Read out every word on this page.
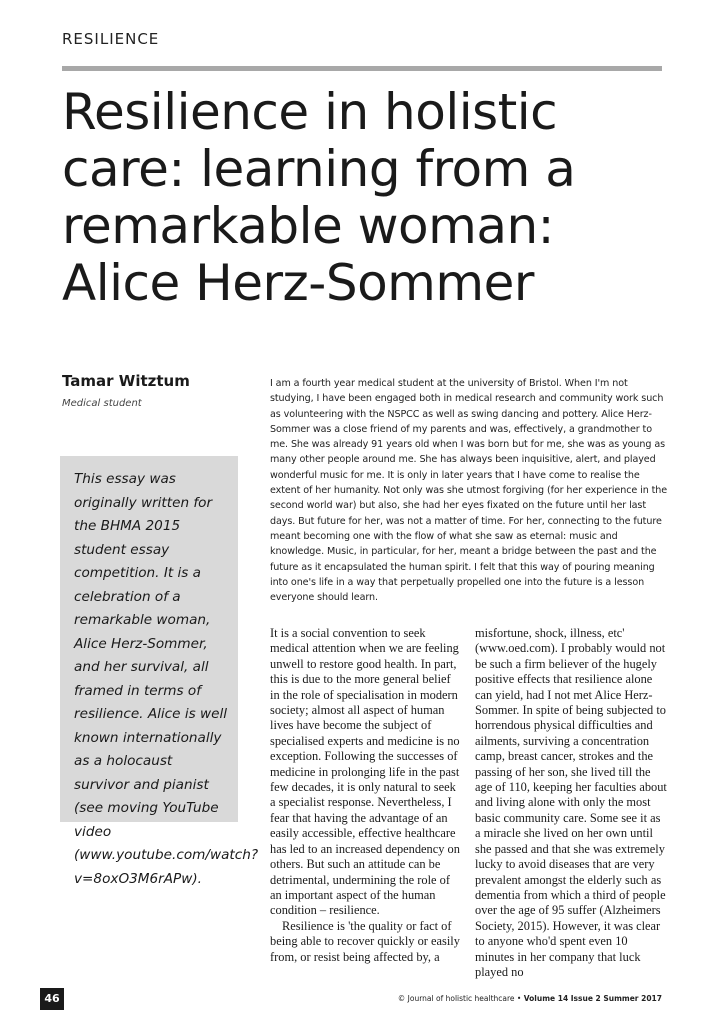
RESILIENCE
Resilience in holistic care: learning from a remarkable woman: Alice Herz-Sommer
Tamar Witztum
Medical student

I am a fourth year medical student at the university of Bristol. When I'm not studying, I have been engaged both in medical research and community work such as volunteering with the NSPCC as well as swing dancing and pottery. Alice Herz-Sommer was a close friend of my parents and was, effectively, a grandmother to me. She was already 91 years old when I was born but for me, she was as young as many other people around me. She has always been inquisitive, alert, and played wonderful music for me. It is only in later years that I have come to realise the extent of her humanity. Not only was she utmost forgiving (for her experience in the second world war) but also, she had her eyes fixated on the future until her last days. But future for her, was not a matter of time. For her, connecting to the future meant becoming one with the flow of what she saw as eternal: music and knowledge. Music, in particular, for her, meant a bridge between the past and the future as it encapsulated the human spirit. I felt that this way of pouring meaning into one's life in a way that perpetually propelled one into the future is a lesson everyone should learn.

This essay was originally written for the BHMA 2015 student essay competition. It is a celebration of a remarkable woman, Alice Herz-Sommer, and her survival, all framed in terms of resilience. Alice is well known internationally as a holocaust survivor and pianist (see moving YouTube video (www.youtube.com/watch?v=8oxO3M6rAPw).

It is a social convention to seek medical attention when we are feeling unwell to restore good health. In part, this is due to the more general belief in the role of specialisation in modern society; almost all aspect of human lives have become the subject of specialised experts and medicine is no exception. Following the successes of medicine in prolonging life in the past few decades, it is only natural to seek a specialist response. Nevertheless, I fear that having the advantage of an easily accessible, effective healthcare has led to an increased dependency on others. But such an attitude can be detrimental, undermining the role of an important aspect of the human condition – resilience.

Resilience is 'the quality or fact of being able to recover quickly or easily from, or resist being affected by, a

misfortune, shock, illness, etc' (www.oed.com). I probably would not be such a firm believer of the hugely positive effects that resilience alone can yield, had I not met Alice Herz-Sommer. In spite of being subjected to horrendous physical difficulties and ailments, surviving a concentration camp, breast cancer, strokes and the passing of her son, she lived till the age of 110, keeping her faculties about and living alone with only the most basic community care. Some see it as a miracle she lived on her own until she passed and that she was extremely lucky to avoid diseases that are very prevalent amongst the elderly such as dementia from which a third of people over the age of 95 suffer (Alzheimers Society, 2015). However, it was clear to anyone who'd spent even 10 minutes in her company that luck played no

46	© Journal of holistic healthcare • Volume 14 Issue 2 Summer 2017
